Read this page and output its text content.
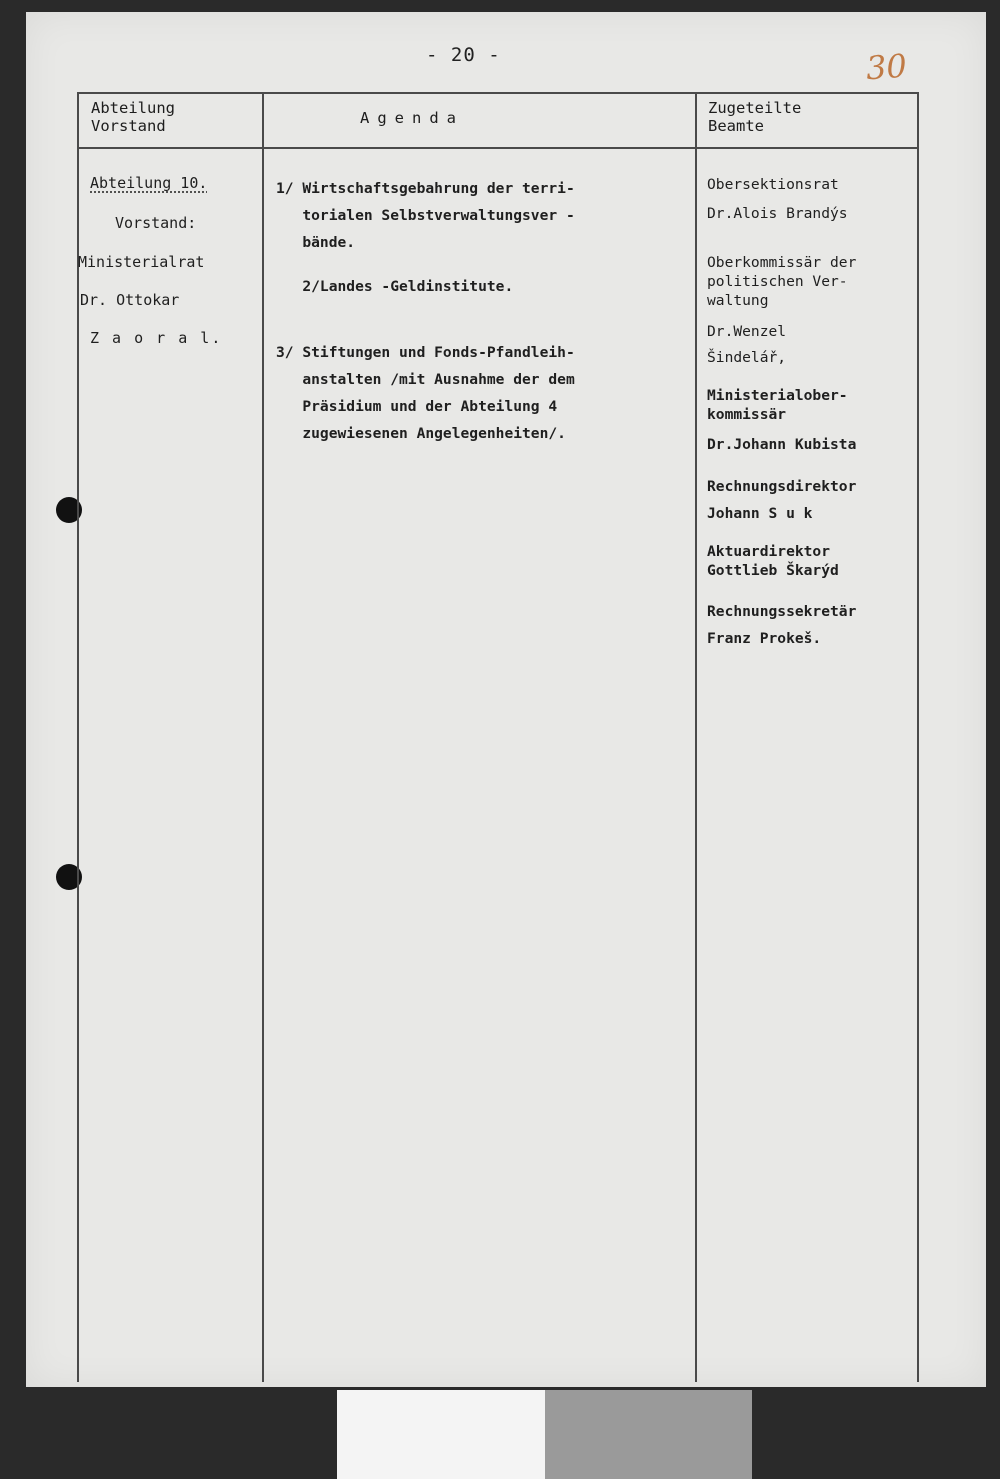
- 20 -	30
Abteilung
Vorstand	Agenda
Zugeteilte
Beamte
Abteilung 10.
Vorstand:
Ministerialrat
Dr. Ottokar
Z a o r a l.
1/ Wirtschaftsgebahrung der terri-
torialen Selbstverwaltungsver -
bände.
2/Landes -Geldinstitute.
3/ Stiftungen und Fonds-Pfandleih-
anstalten /mit Ausnahme der dem
Präsidium und der Abteilung 4
zugewiesenen Angelegenheiten/.
Obersektionsrat
Dr.Alois Brandýs
Oberkommissär der
politischen Ver-
waltung
Dr.Wenzel
Šindelář,
Ministerialober-
kommissär
Dr.Johann Kubista
Rechnungsdirektor
Johann S u k
Aktuardirektor
Gottlieb Škarýd
Rechnungssekretär
Franz Prokeš.
